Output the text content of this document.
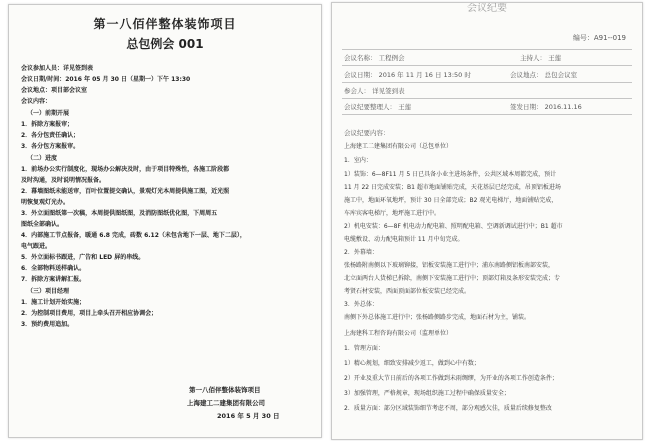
第一八佰伴整体装饰项目
总包例会 001
会议参加人员：详见签到表
会议日期/时间：2016 年 05 月 30 日（星期一）下午 13:30
会议地点：项目部会议室
会议内容：
（一）前期开展
1．拆除方案报审；
2．各分包责任确认；
3．各分包方案报审。
（二）进度
1．前场办公实行制度化，现场办公解决及时，由于项目特殊性，各施工阶段都
及时沟通，及时说明情况报备。
2．幕墙图纸未能送审，百叶位置提交确认，景观灯光本周提供施工图，近光照
明恢复观灯光办。
3．外立面图纸第一次稿，本周提供图纸图，及消防图纸优化图，下周周五
图纸全部确认。
4．内部施工节点报备，暖通 6.8 完成，砖数 6.12（未包含地下一层、地下二层），
电气跟进。
5．外立面标书跟进，广告和 LED 屏的串线。
6．全部物料送样确认。
7．拆除方案讲解汇报。
（三）项目经理
1．施工计划开始实施；
2．为控制项目费用，项目上牵头召开相应协调会；
3．预约费用追加。
第一八佰伴整体装饰项目
上海建工二建集团有限公司
2016 年 5 月 30 日
会议纪要
编号：A91--019
会议名称： 工程例会	主持人： 王莲
会议日期： 2016 年 11 月 16 日 13:50 时	会议地点： 总包会议室
参会人： 详见签到表
会议纪要整理人： 王莲	签发日期： 2016.11.16
会议纪要内容：
上海建工二建集团有限公司（总包单位）
1．室内：
1）装饰：6—8F11 月 5 日已具备小业主进场条件，公共区域本周都完成，预计
11 月 22 日完成安装；B1 超市地面铺贴完成，天花基层已经完成，吊顶铝板进场
施工中，地面环氧地坪，预计 30 日全部完成；B2 观光电梯厅，地面铺贴完成，
车库宾客电梯厅，地坪施工进行中。
2）机电安装：6—8F 机电动力配电箱、照明配电箱、空调新调试进行中；B1 超市
电缆敷设、动力配电箱预计 11 月中旬完成。
2．外幕墙：
张杨路附南侧以下玻璃铆接，铝板安装施工进行中；浦东南路侧铝板南部安装，
北立面两台人货梯已拆除，南侧下安装施工进行中；顶部灯箱及条形安装完成；专
考贤石材安装，西面顶面部位板安装已经完成。
3．外总体：
南侧下外总体施工进行中；张杨路侧路步完成，地面石材为主，铺装。
上海建科工程咨询有限公司（监理单位）
1．管理方面：
1）精心规划，细致安排减少返工，做到心中有数；
2）开业及重大节日前后的各项工作做到未雨绸缪，为开业的各项工作创造条件；
3）加强管理，严格规章，现场组织施工过程中确保质量安全；
2．质量方面：部分区域装饰细节考虑不周，部分观感欠佳，质量后续修复整改
